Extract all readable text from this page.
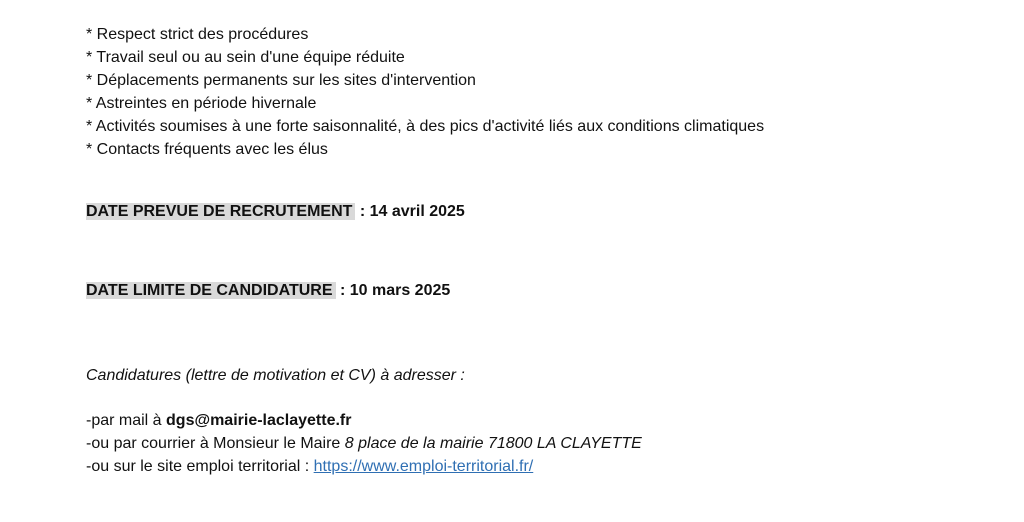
* Respect strict des procédures
* Travail seul ou au sein d'une équipe réduite
* Déplacements permanents sur les sites d'intervention
* Astreintes en période hivernale
* Activités soumises à une forte saisonnalité, à des pics d'activité liés aux conditions climatiques
* Contacts fréquents avec les élus
DATE PREVUE DE RECRUTEMENT : 14 avril 2025
DATE LIMITE DE CANDIDATURE : 10 mars 2025
Candidatures (lettre de motivation et CV) à adresser :
-par mail à dgs@mairie-laclayette.fr
-ou par courrier à Monsieur le Maire 8 place de la mairie 71800 LA CLAYETTE
-ou sur le site emploi territorial : https://www.emploi-territorial.fr/
